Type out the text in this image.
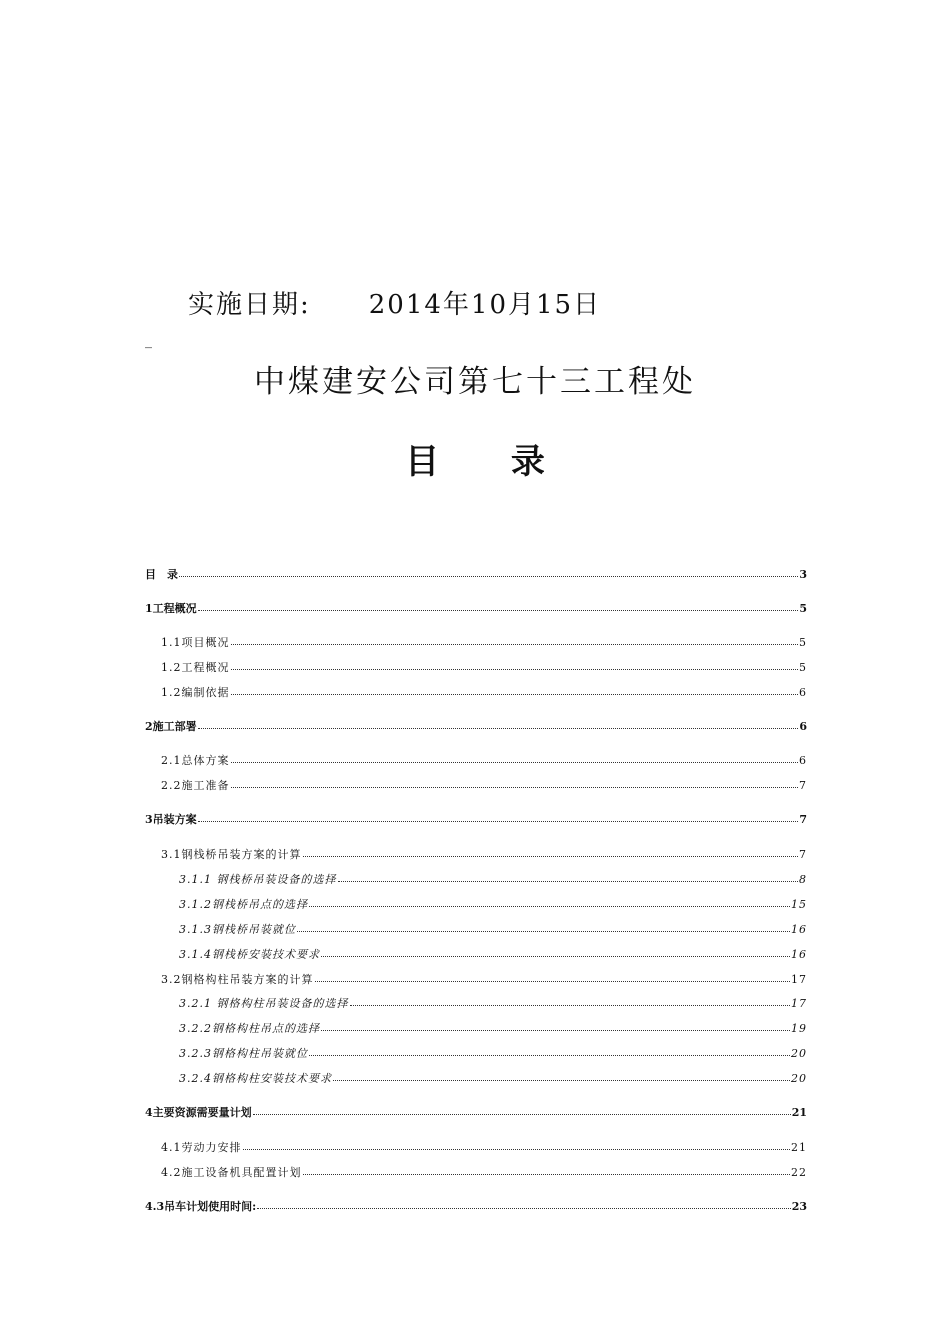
实施日期: 2014年10月15日
_
中煤建安公司第七十三工程处
目 录
目　录	3
1工程概况	5
1.1项目概况	5
1.2工程概况	5
1.2编制依据	6
2施工部署	6
2.1总体方案	6
2.2施工准备	7
3吊装方案	7
3.1钢栈桥吊装方案的计算	7
3.1.1 钢栈桥吊装设备的选择	8
3.1.2钢栈桥吊点的选择	15
3.1.3钢栈桥吊装就位	16
3.1.4钢栈桥安装技术要求	16
3.2钢格构柱吊装方案的计算	17
3.2.1 钢格构柱吊装设备的选择	17
3.2.2钢格构柱吊点的选择	19
3.2.3钢格构柱吊装就位	20
3.2.4钢格构柱安装技术要求	20
4主要资源需要量计划	21
4.1劳动力安排	21
4.2施工设备机具配置计划	22
4.3吊车计划使用时间:	23
